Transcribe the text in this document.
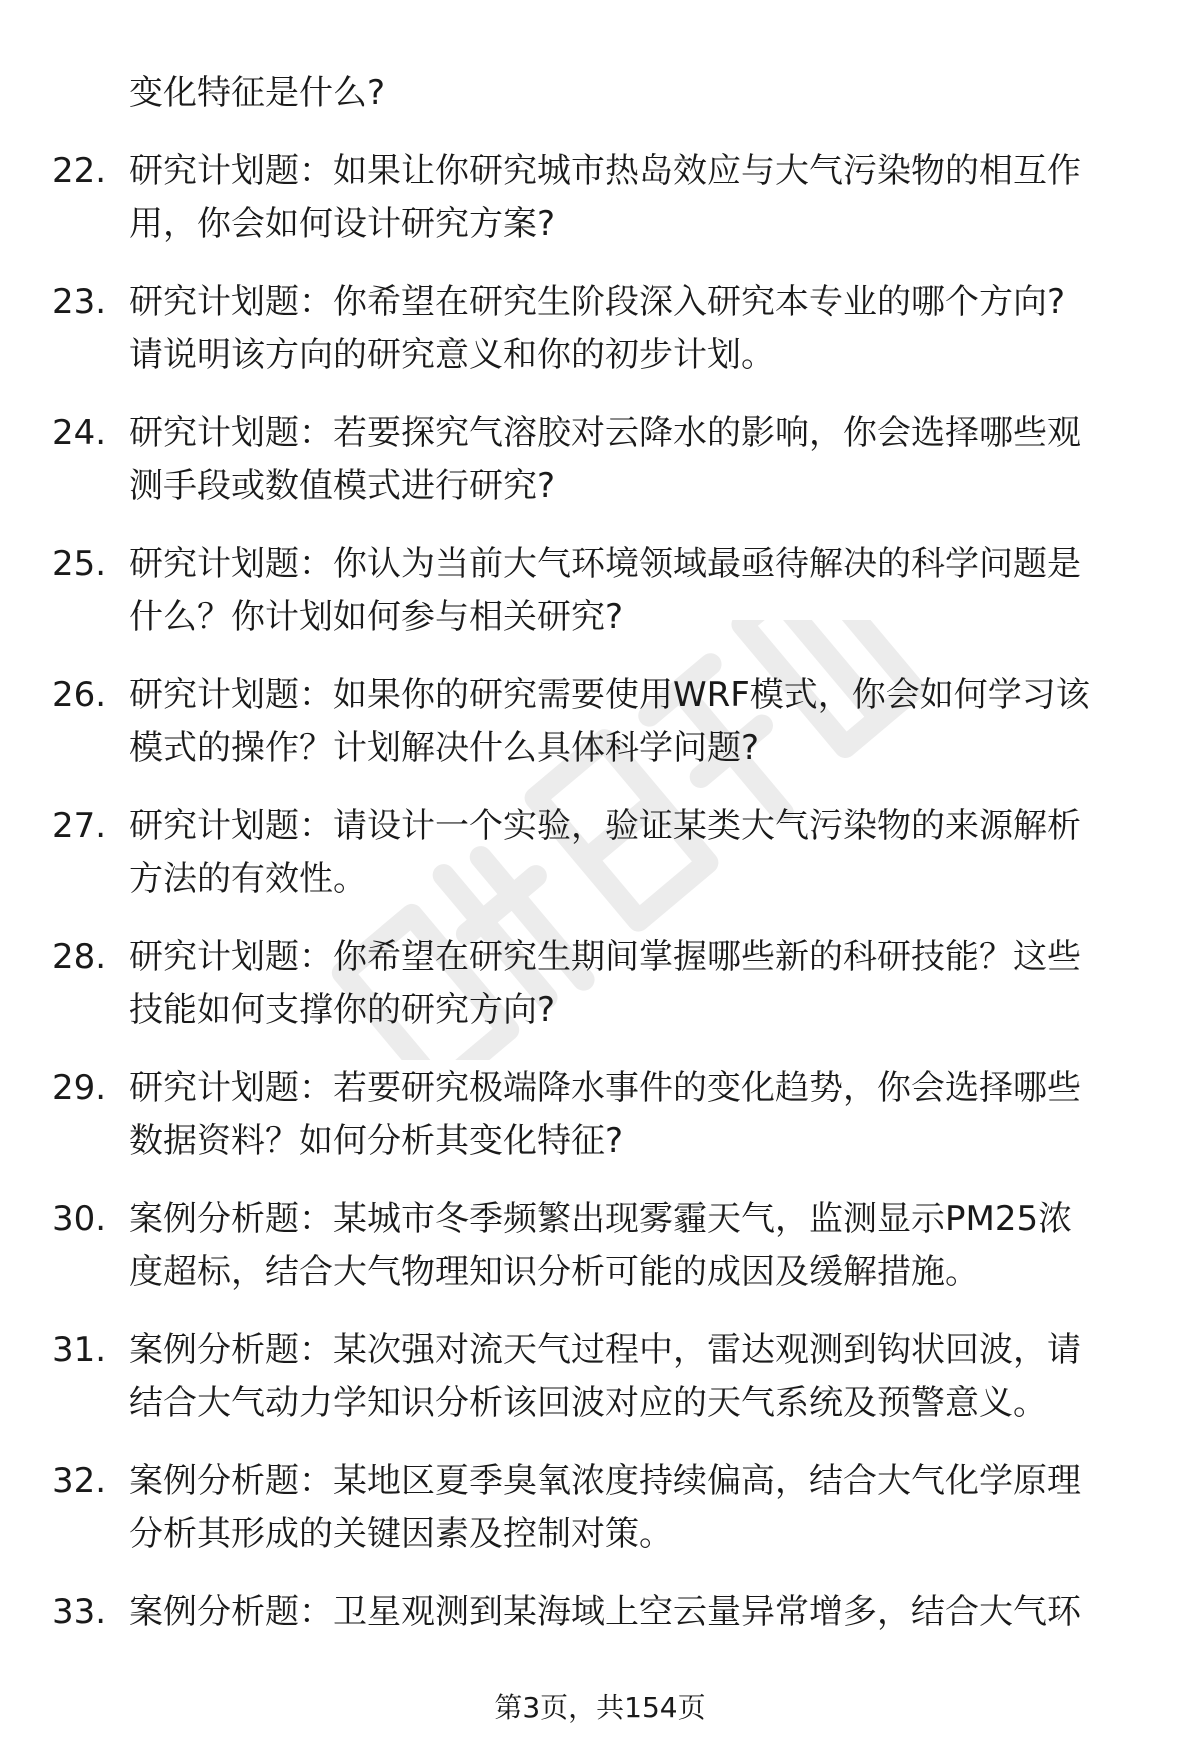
变化特征是什么?
22. 研究计划题：如果让你研究城市热岛效应与大气污染物的相互作
用，你会如何设计研究方案?
23. 研究计划题：你希望在研究生阶段深入研究本专业的哪个方向?
请说明该方向的研究意义和你的初步计划。
24. 研究计划题：若要探究气溶胶对云降水的影响，你会选择哪些观
测手段或数值模式进行研究?
25. 研究计划题：你认为当前大气环境领域最亟待解决的科学问题是
什么？你计划如何参与相关研究?
26. 研究计划题：如果你的研究需要使用WRF模式，你会如何学习该
模式的操作？计划解决什么具体科学问题?
27. 研究计划题：请设计一个实验，验证某类大气污染物的来源解析
方法的有效性。
28. 研究计划题：你希望在研究生期间掌握哪些新的科研技能？这些
技能如何支撑你的研究方向?
29. 研究计划题：若要研究极端降水事件的变化趋势，你会选择哪些
数据资料？如何分析其变化特征?
30. 案例分析题：某城市冬季频繁出现雾霾天气，监测显示PM25浓
度超标，结合大气物理知识分析可能的成因及缓解措施。
31. 案例分析题：某次强对流天气过程中，雷达观测到钩状回波，请
结合大气动力学知识分析该回波对应的天气系统及预警意义。
32. 案例分析题：某地区夏季臭氧浓度持续偏高，结合大气化学原理
分析其形成的关键因素及控制对策。
33. 案例分析题：卫星观测到某海域上空云量异常增多，结合大气环
第3页，共154页
